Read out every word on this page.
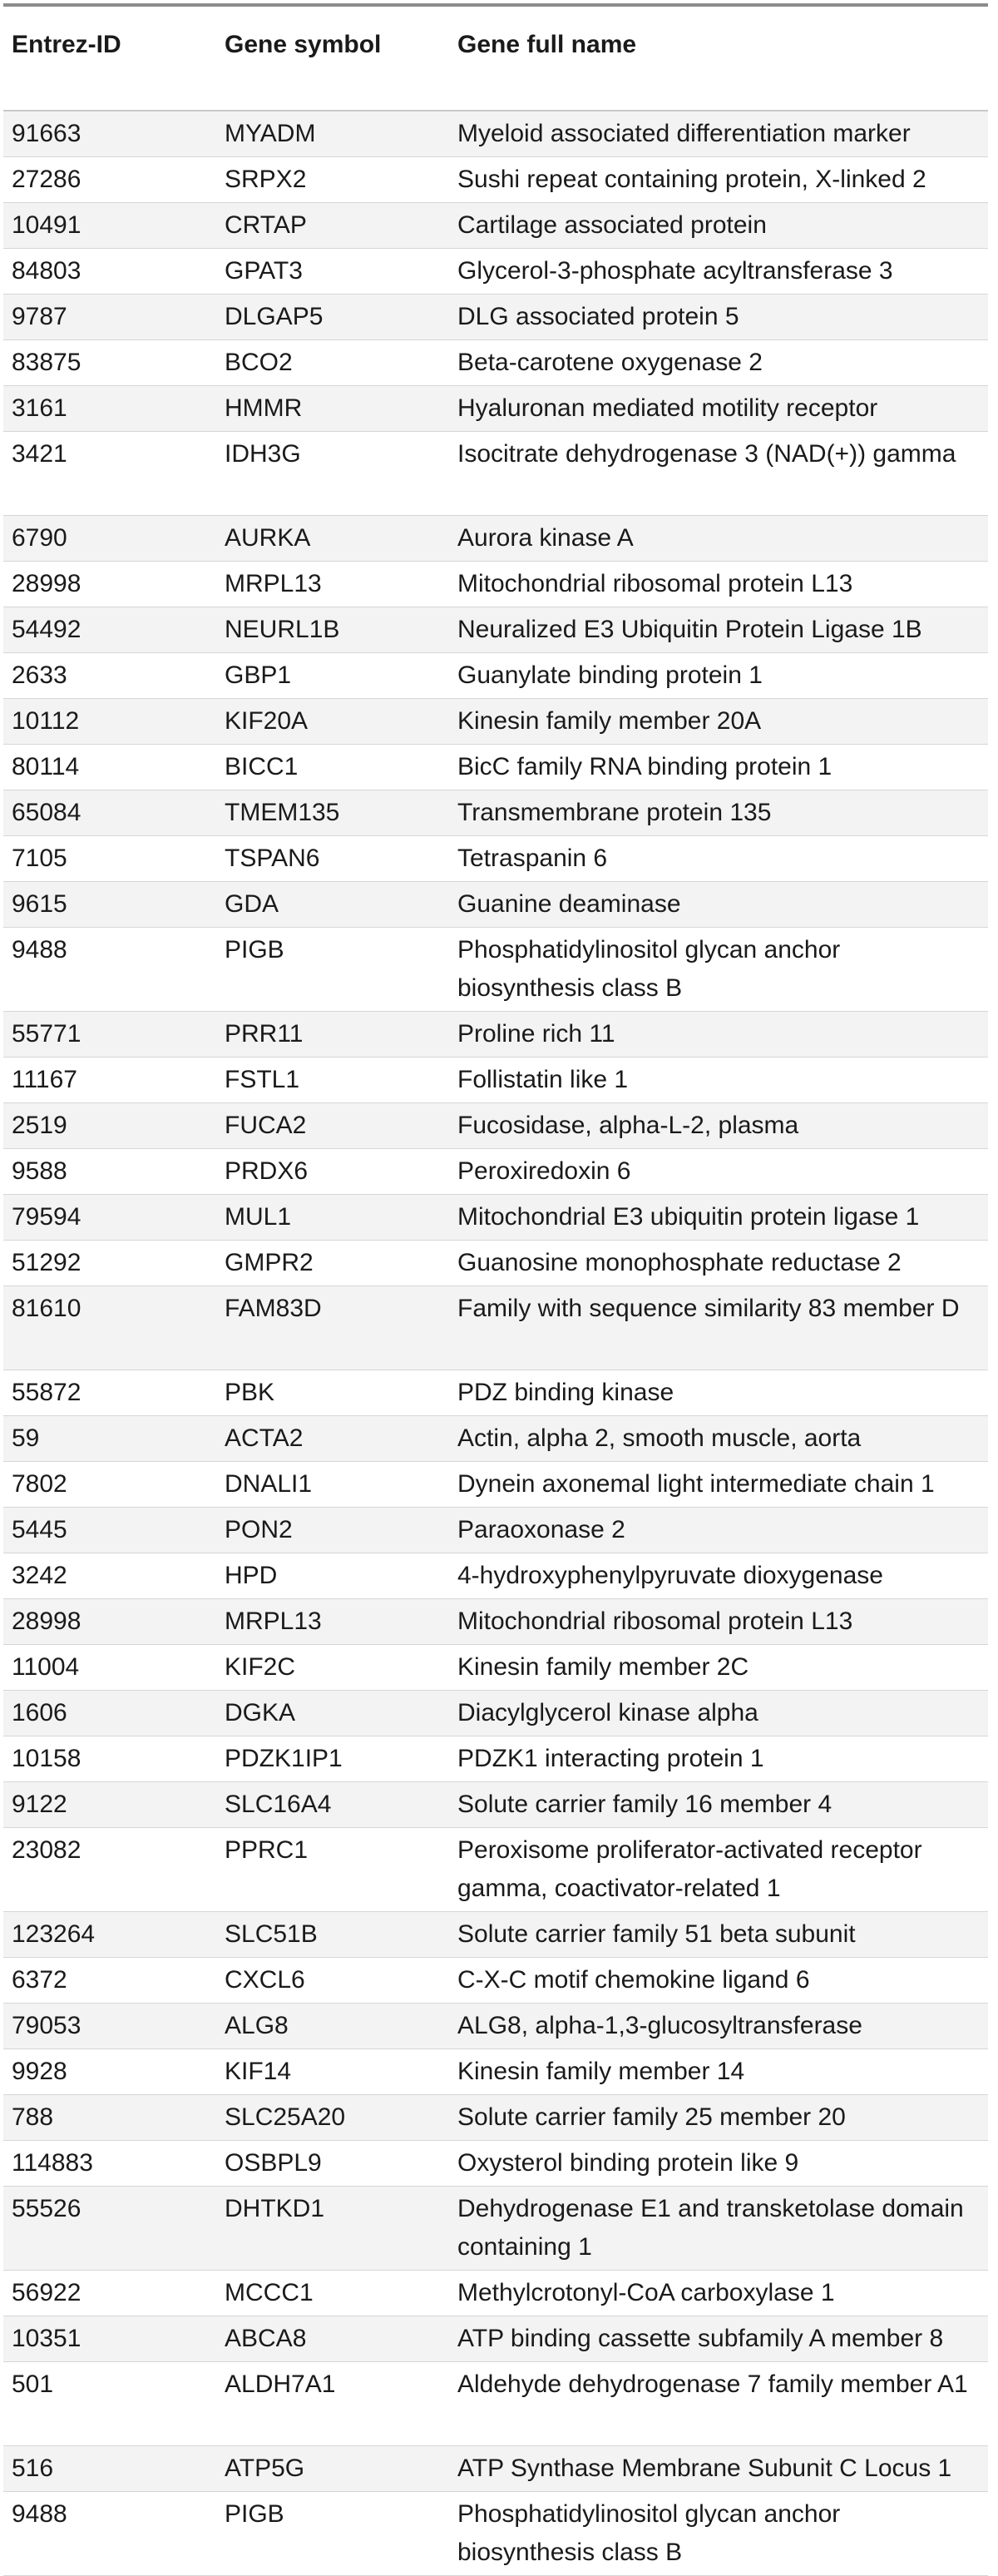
Entrez-ID	Gene symbol	Gene full name
91663	MYADM	Myeloid associated differentiation marker
27286	SRPX2	Sushi repeat containing protein, X-linked 2
10491	CRTAP	Cartilage associated protein
84803	GPAT3	Glycerol-3-phosphate acyltransferase 3
9787	DLGAP5	DLG associated protein 5
83875	BCO2	Beta-carotene oxygenase 2
3161	HMMR	Hyaluronan mediated motility receptor
3421	IDH3G	Isocitrate dehydrogenase 3 (NAD(+)) gamma
6790	AURKA	Aurora kinase A
28998	MRPL13	Mitochondrial ribosomal protein L13
54492	NEURL1B	Neuralized E3 Ubiquitin Protein Ligase 1B
2633	GBP1	Guanylate binding protein 1
10112	KIF20A	Kinesin family member 20A
80114	BICC1	BicC family RNA binding protein 1
65084	TMEM135	Transmembrane protein 135
7105	TSPAN6	Tetraspanin 6
9615	GDA	Guanine deaminase
9488	PIGB	Phosphatidylinositol glycan anchor biosynthesis class B
55771	PRR11	Proline rich 11
11167	FSTL1	Follistatin like 1
2519	FUCA2	Fucosidase, alpha-L-2, plasma
9588	PRDX6	Peroxiredoxin 6
79594	MUL1	Mitochondrial E3 ubiquitin protein ligase 1
51292	GMPR2	Guanosine monophosphate reductase 2
81610	FAM83D	Family with sequence similarity 83 member D
55872	PBK	PDZ binding kinase
59	ACTA2	Actin, alpha 2, smooth muscle, aorta
7802	DNALI1	Dynein axonemal light intermediate chain 1
5445	PON2	Paraoxonase 2
3242	HPD	4-hydroxyphenylpyruvate dioxygenase
28998	MRPL13	Mitochondrial ribosomal protein L13
11004	KIF2C	Kinesin family member 2C
1606	DGKA	Diacylglycerol kinase alpha
10158	PDZK1IP1	PDZK1 interacting protein 1
9122	SLC16A4	Solute carrier family 16 member 4
23082	PPRC1	Peroxisome proliferator-activated receptor gamma, coactivator-related 1
123264	SLC51B	Solute carrier family 51 beta subunit
6372	CXCL6	C-X-C motif chemokine ligand 6
79053	ALG8	ALG8, alpha-1,3-glucosyltransferase
9928	KIF14	Kinesin family member 14
788	SLC25A20	Solute carrier family 25 member 20
114883	OSBPL9	Oxysterol binding protein like 9
55526	DHTKD1	Dehydrogenase E1 and transketolase domain containing 1
56922	MCCC1	Methylcrotonyl-CoA carboxylase 1
10351	ABCA8	ATP binding cassette subfamily A member 8
501	ALDH7A1	Aldehyde dehydrogenase 7 family member A1
516	ATP5G	ATP Synthase Membrane Subunit C Locus 1
9488	PIGB	Phosphatidylinositol glycan anchor biosynthesis class B
